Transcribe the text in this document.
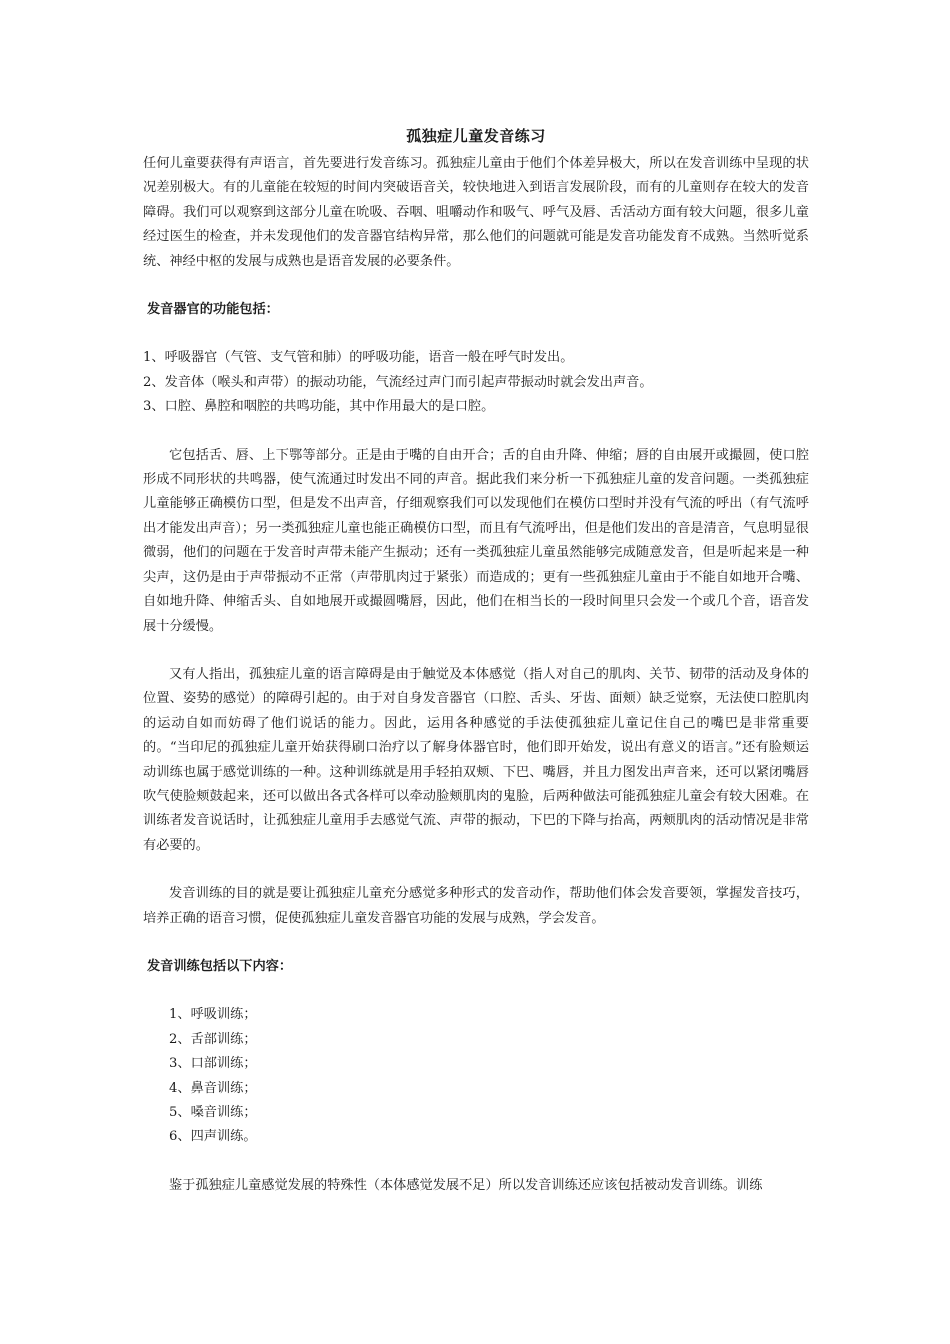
孤独症儿童发音练习

任何儿童要获得有声语言，首先要进行发音练习。孤独症儿童由于他们个体差异极大，所以在发音训练中呈现的状况差别极大。有的儿童能在较短的时间内突破语音关，较快地进入到语言发展阶段，而有的儿童则存在较大的发音障碍。我们可以观察到这部分儿童在吮吸、吞咽、咀嚼动作和吸气、呼气及唇、舌活动方面有较大问题，很多儿童经过医生的检查，并未发现他们的发音器官结构异常，那么他们的问题就可能是发音功能发育不成熟。当然听觉系统、神经中枢的发展与成熟也是语音发展的必要条件。

发音器官的功能包括：

1、呼吸器官（气管、支气管和肺）的呼吸功能，语音一般在呼气时发出。

2、发音体（喉头和声带）的振动功能，气流经过声门而引起声带振动时就会发出声音。

3、口腔、鼻腔和咽腔的共鸣功能，其中作用最大的是口腔。

它包括舌、唇、上下鄂等部分。正是由于嘴的自由开合；舌的自由升降、伸缩；唇的自由展开或撮圆，使口腔形成不同形状的共鸣器，使气流通过时发出不同的声音。据此我们来分析一下孤独症儿童的发音问题。一类孤独症儿童能够正确模仿口型，但是发不出声音，仔细观察我们可以发现他们在模仿口型时并没有气流的呼出（有气流呼出才能发出声音）；另一类孤独症儿童也能正确模仿口型，而且有气流呼出，但是他们发出的音是清音，气息明显很微弱，他们的问题在于发音时声带未能产生振动；还有一类孤独症儿童虽然能够完成随意发音，但是听起来是一种尖声，这仍是由于声带振动不正常（声带肌肉过于紧张）而造成的；更有一些孤独症儿童由于不能自如地开合嘴、自如地升降、伸缩舌头、自如地展开或撮圆嘴唇，因此，他们在相当长的一段时间里只会发一个或几个音，语音发展十分缓慢。

又有人指出，孤独症儿童的语言障碍是由于触觉及本体感觉（指人对自己的肌肉、关节、韧带的活动及身体的位置、姿势的感觉）的障碍引起的。由于对自身发音器官（口腔、舌头、牙齿、面颊）缺乏觉察，无法使口腔肌肉的运动自如而妨碍了他们说话的能力。因此，运用各种感觉的手法使孤独症儿童记住自己的嘴巴是非常重要的。“当印尼的孤独症儿童开始获得刷口治疗以了解身体器官时，他们即开始发，说出有意义的语言。”还有脸颊运动训练也属于感觉训练的一种。这种训练就是用手轻拍双颊、下巴、嘴唇，并且力图发出声音来，还可以紧闭嘴唇吹气使脸颊鼓起来，还可以做出各式各样可以牵动脸颊肌肉的鬼脸，后两种做法可能孤独症儿童会有较大困难。在训练者发音说话时，让孤独症儿童用手去感觉气流、声带的振动，下巴的下降与抬高，两颊肌肉的活动情况是非常有必要的。

发音训练的目的就是要让孤独症儿童充分感觉多种形式的发音动作，帮助他们体会发音要领，掌握发音技巧，培养正确的语音习惯，促使孤独症儿童发音器官功能的发展与成熟，学会发音。

发音训练包括以下内容：

1、呼吸训练；

2、舌部训练；

3、口部训练；

4、鼻音训练；

5、嗓音训练；

6、四声训练。

鉴于孤独症儿童感觉发展的特殊性（本体感觉发展不足）所以发音训练还应该包括被动发音训练。训练
